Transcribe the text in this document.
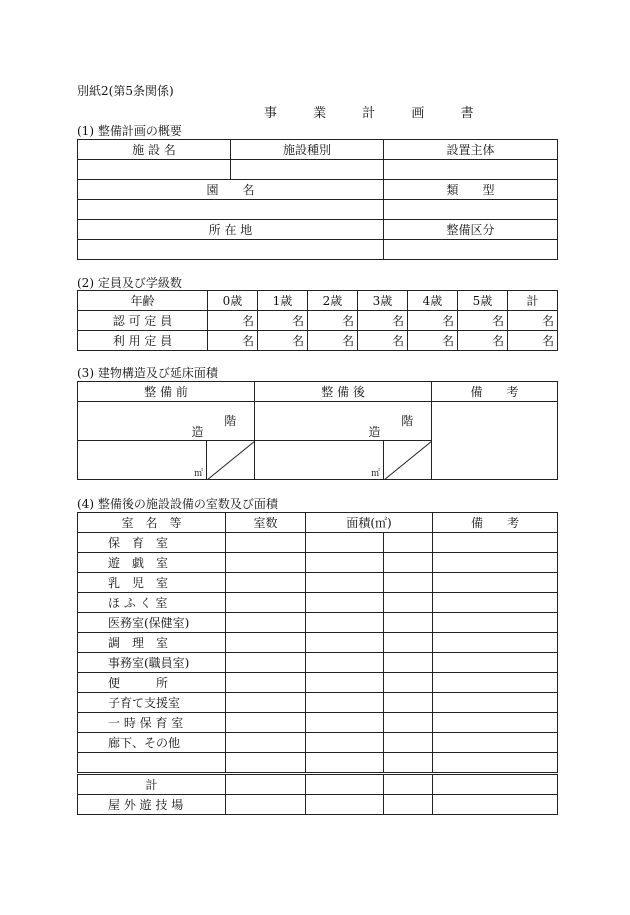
別紙2(第5条関係)
事 業 計 画 書
(1) 整備計画の概要
施 設 名	施設種別	設置主体

園　　名		類　　型

所 在 地		整備区分

(2) 定員及び学級数
年齢	0歳	1歳	2歳	3歳	4歳	5歳	計
認 可 定 員	名	名	名	名	名	名	名
利 用 定 員	名	名	名	名	名	名	名
(3) 建物構造及び延床面積
整 備 前		整 備 後		備　　考
造	階	造	階	
㎡		㎡	
(4) 整備後の施設設備の室数及び面積
室　名　等	室数	面積(㎡)		備　　考
保　育　室				
遊　戯　室				
乳　児　室				
ほ ふ く 室				
医務室(保健室)				
調　理　室				
事務室(職員室)				
便　　　所				
子育て支援室				
一 時 保 育 室				
廊下、その他				

計				
屋 外 遊 技 場				
